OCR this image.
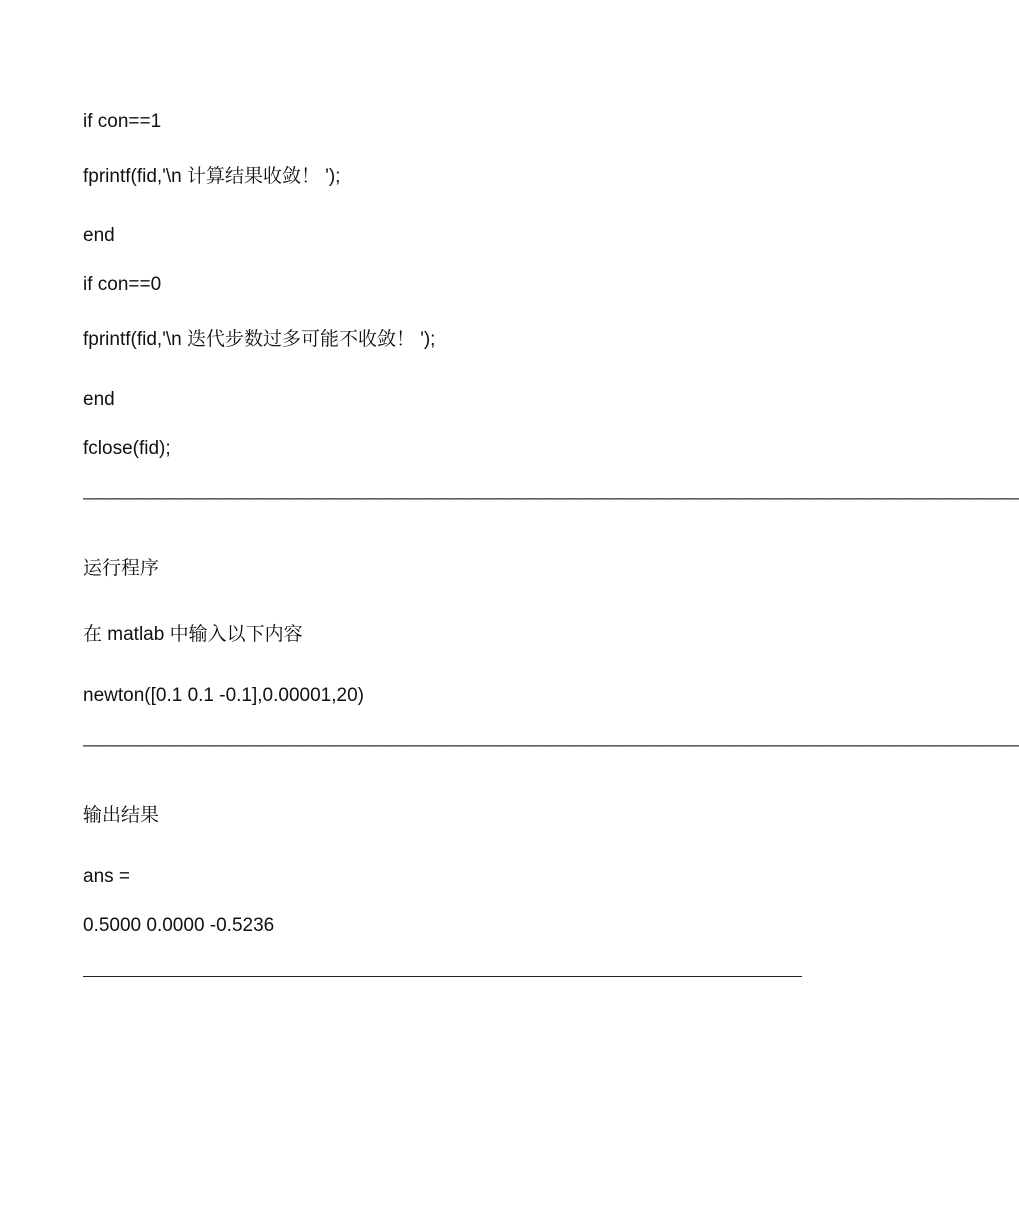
if con==1

fprintf(fid,'\n 计算结果收敛！ ');

end

if con==0

fprintf(fid,'\n 迭代步数过多可能不收敛！ ');

end

fclose(fid);

————————————————————————————————————————————————————

运行程序

在 matlab 中输入以下内容

newton([0.1 0.1 -0.1],0.00001,20)

————————————————————————————————————————————————————

输出结果

ans =

0.5000 0.0000 -0.5236
